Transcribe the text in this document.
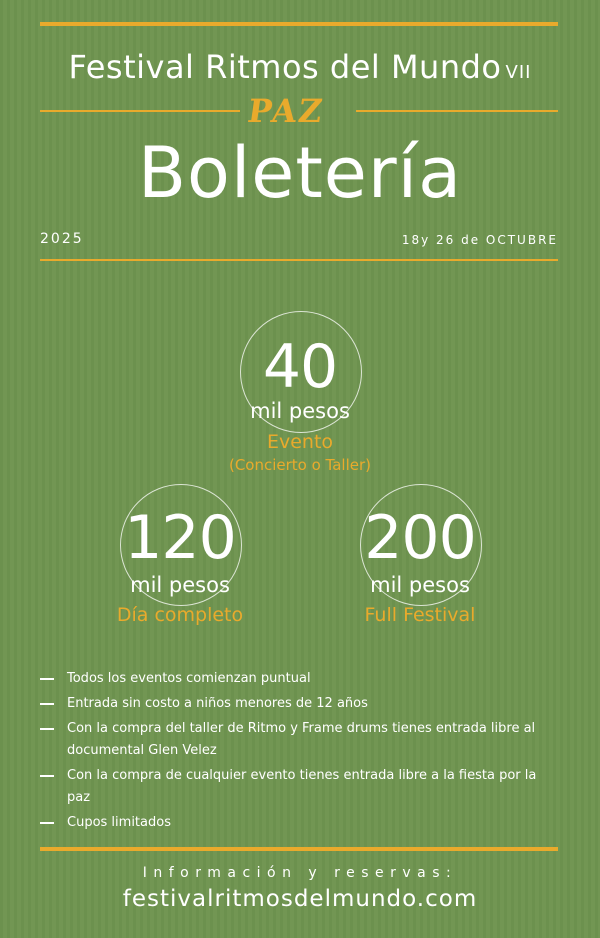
Festival Ritmos del Mundo VII
PAZ
Boletería
2025	18y 26 de OCTUBRE
40
mil pesos
Evento
(Concierto o Taller)
120
mil pesos
Día completo
200
mil pesos
Full Festival
Todos los eventos comienzan puntual
Entrada sin costo a niños menores de 12 años
Con la compra del taller de Ritmo y Frame drums tienes entrada libre al documental Glen Velez
Con la compra de cualquier evento tienes entrada libre a la fiesta por la paz
Cupos limitados
Información y reservas:
festivalritmosdelmundo.com
